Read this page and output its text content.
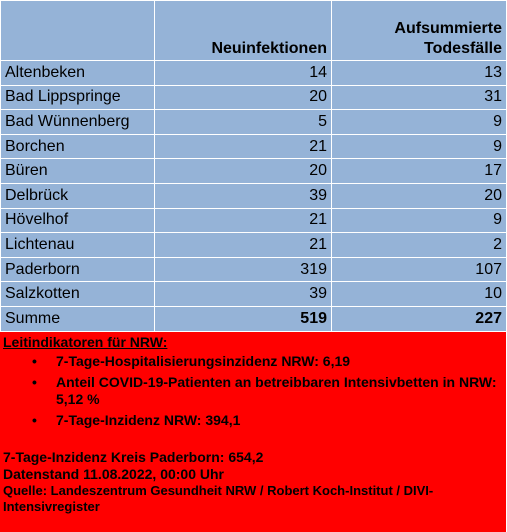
	Neuinfektionen	Aufsummierte
Todesfälle

Altenbeken	14	13
Bad Lippspringe	20	31
Bad Wünnenberg	5	9
Borchen	21	9
Büren	20	17
Delbrück	39	20
Hövelhof	21	9
Lichtenau	21	2
Paderborn	319	107
Salzkotten	39	10
Summe	519	227
Leitindikatoren für NRW:
• 7-Tage-Hospitalisierungsinzidenz NRW: 6,19
• Anteil COVID-19-Patienten an betreibbaren Intensivbetten in NRW: 5,12 %
• 7-Tage-Inzidenz NRW: 394,1
7-Tage-Inzidenz Kreis Paderborn: 654,2
Datenstand 11.08.2022, 00:00 Uhr
Quelle: Landeszentrum Gesundheit NRW / Robert Koch-Institut / DIVI-Intensivregister
